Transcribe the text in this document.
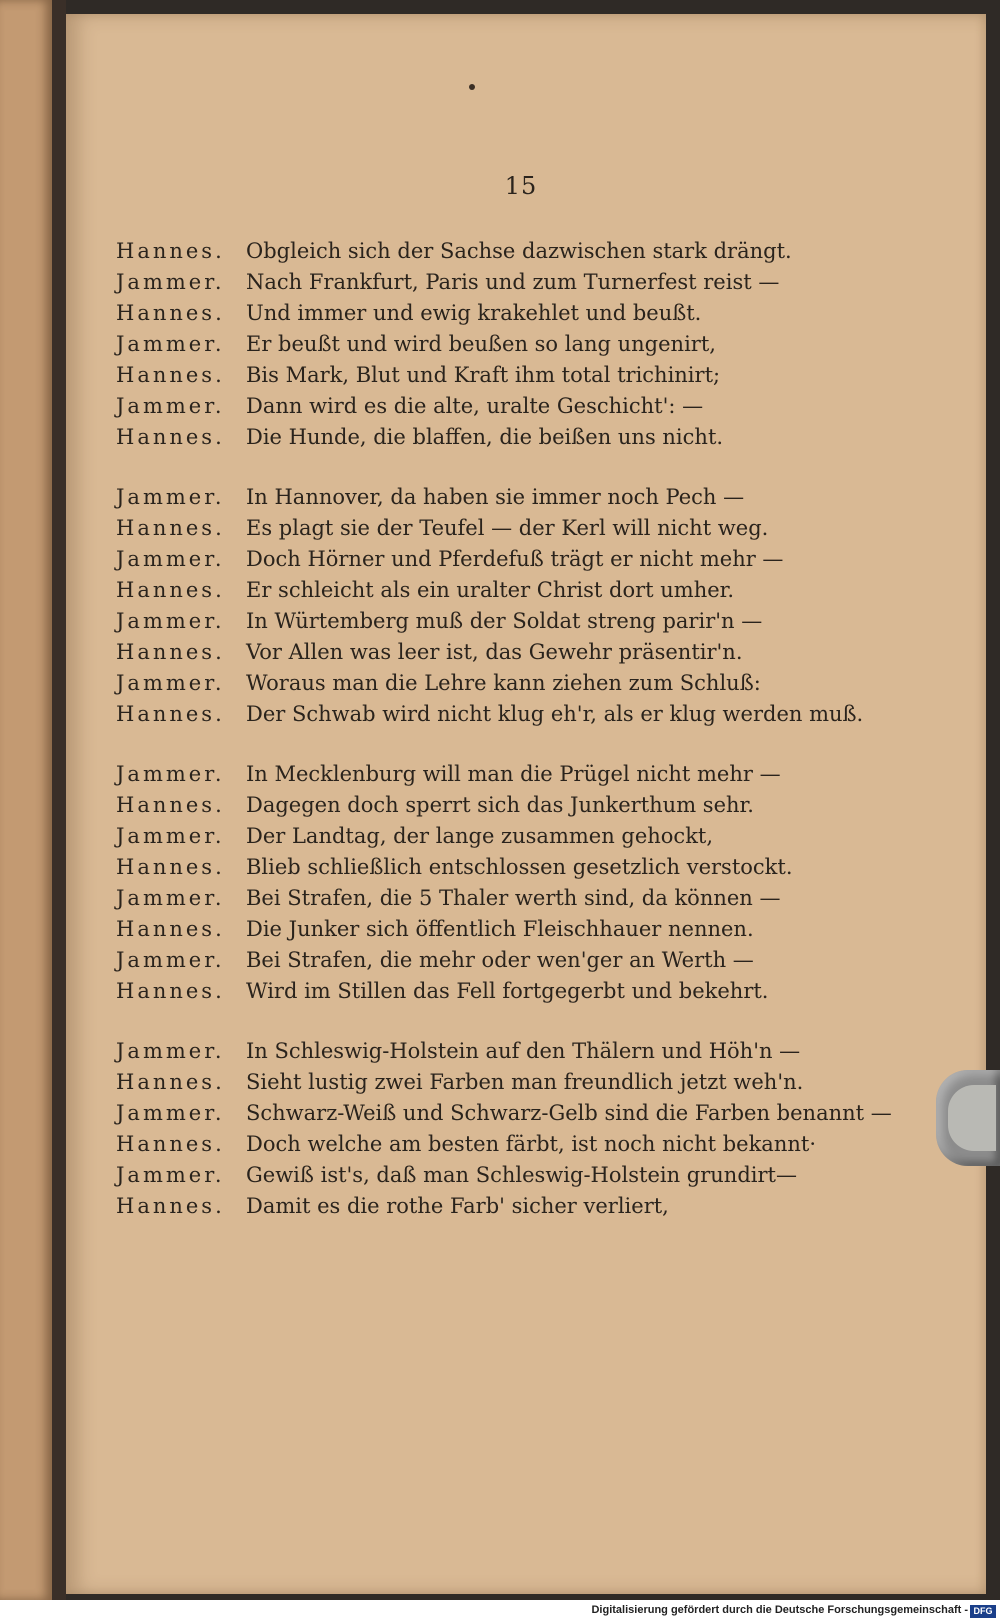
15
Hannes.	Obgleich sich der Sachse dazwischen stark drängt.
Jammer.	Nach Frankfurt, Paris und zum Turnerfest reist —
Hannes.	Und immer und ewig krakehlet und beußt.
Jammer.	Er beußt und wird beußen so lang ungenirt,
Hannes.	Bis Mark, Blut und Kraft ihm total trichinirt;
Jammer.	Dann wird es die alte, uralte Geschicht': —
Hannes.	Die Hunde, die blaffen, die beißen uns nicht.
Jammer.	In Hannover, da haben sie immer noch Pech —
Hannes.	Es plagt sie der Teufel — der Kerl will nicht weg.
Jammer.	Doch Hörner und Pferdefuß trägt er nicht mehr —
Hannes.	Er schleicht als ein uralter Christ dort umher.
Jammer.	In Würtemberg muß der Soldat streng parir'n —
Hannes.	Vor Allen was leer ist, das Gewehr präsentir'n.
Jammer.	Woraus man die Lehre kann ziehen zum Schluß:
Hannes.	Der Schwab wird nicht klug eh'r, als er klug werden muß.
Jammer.	In Mecklenburg will man die Prügel nicht mehr —
Hannes.	Dagegen doch sperrt sich das Junkerthum sehr.
Jammer.	Der Landtag, der lange zusammen gehockt,
Hannes.	Blieb schließlich entschlossen gesetzlich verstockt.
Jammer.	Bei Strafen, die 5 Thaler werth sind, da können —
Hannes.	Die Junker sich öffentlich Fleischhauer nennen.
Jammer.	Bei Strafen, die mehr oder wen'ger an Werth —
Hannes.	Wird im Stillen das Fell fortgegerbt und bekehrt.
Jammer.	In Schleswig-Holstein auf den Thälern und Höh'n —
Hannes.	Sieht lustig zwei Farben man freundlich jetzt weh'n.
Jammer.	Schwarz-Weiß und Schwarz-Gelb sind die Farben benannt —
Hannes.	Doch welche am besten färbt, ist noch nicht bekannt·
Jammer.	Gewiß ist's, daß man Schleswig-Holstein grundirt—
Hannes.	Damit es die rothe Farb' sicher verliert,
Digitalisierung gefördert durch die Deutsche Forschungsgemeinschaft - DFG
